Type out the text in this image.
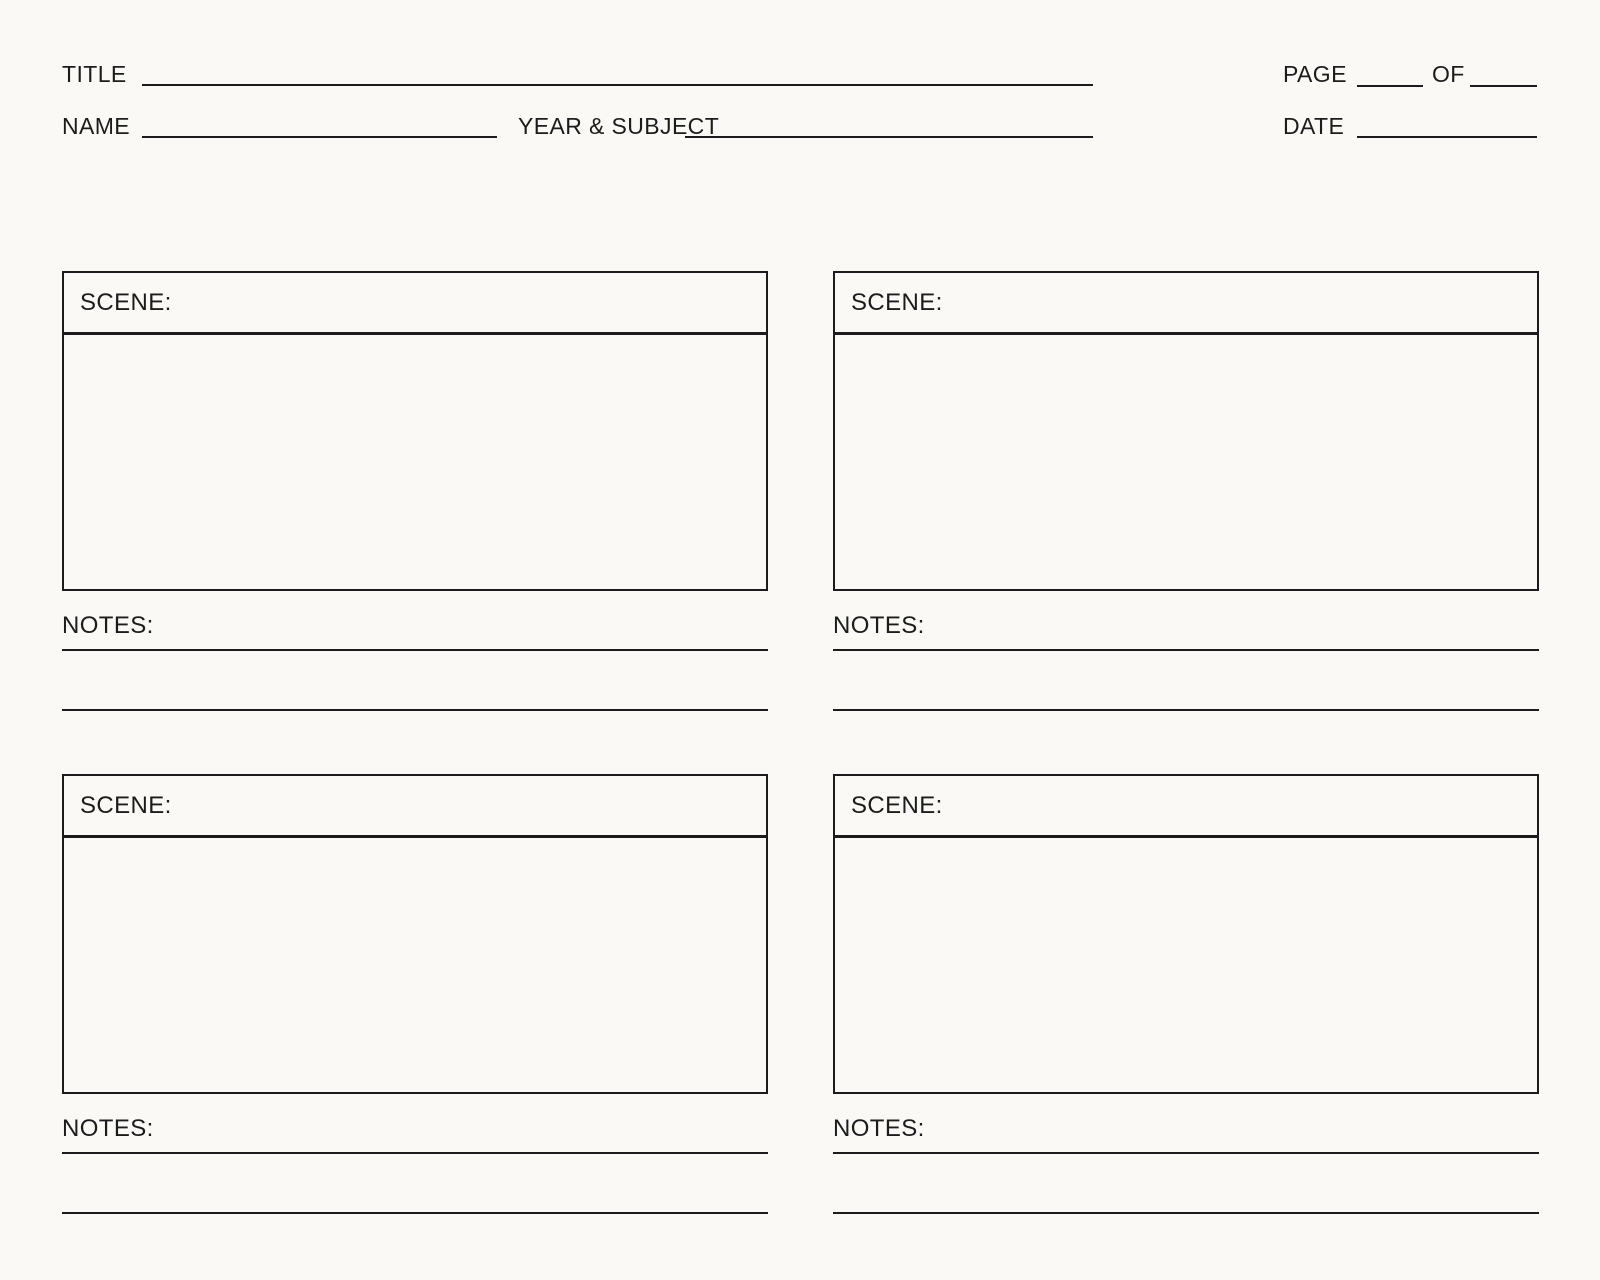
TITLE	PAGE	OF
NAME	YEAR & SUBJECT	DATE
SCENE:
NOTES:
SCENE:
NOTES:
SCENE:
NOTES:
SCENE:
NOTES:
